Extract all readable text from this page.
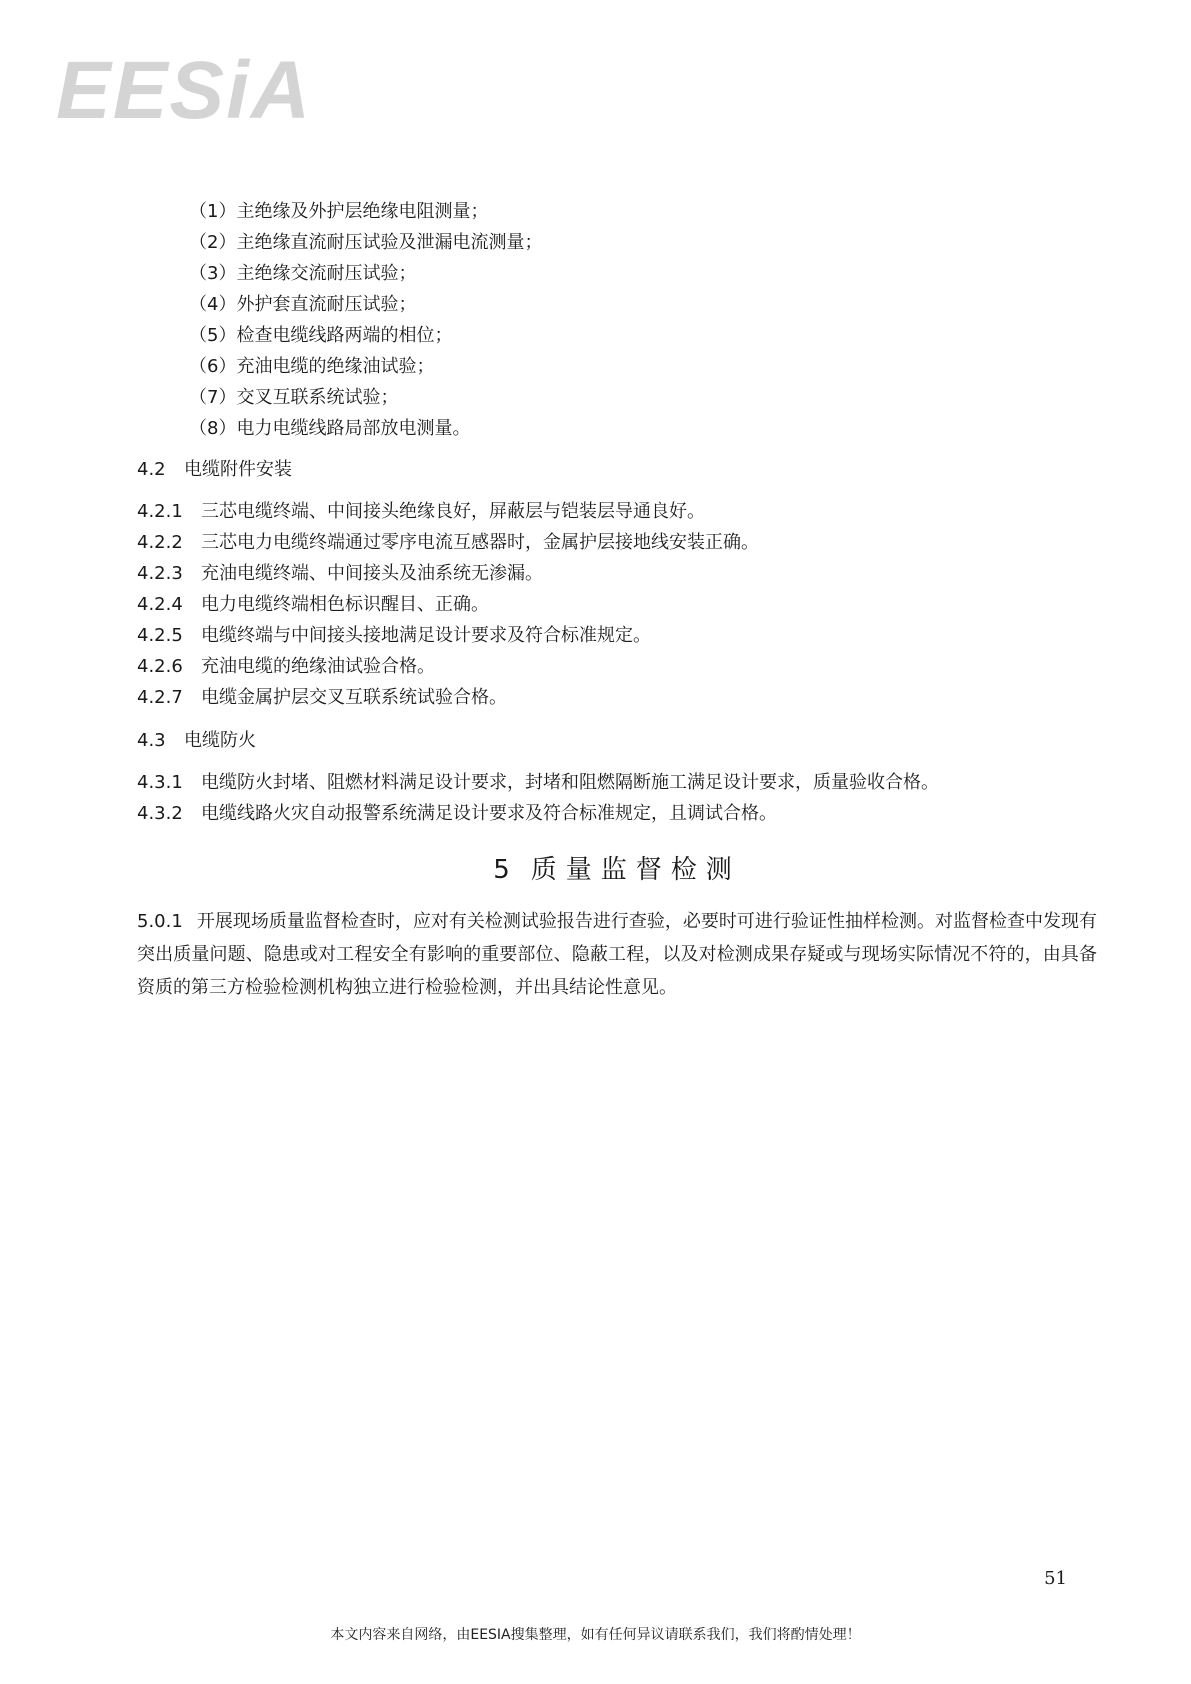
EESiA
（1）主绝缘及外护层绝缘电阻测量；
（2）主绝缘直流耐压试验及泄漏电流测量；
（3）主绝缘交流耐压试验；
（4）外护套直流耐压试验；
（5）检查电缆线路两端的相位；
（6）充油电缆的绝缘油试验；
（7）交叉互联系统试验；
（8）电力电缆线路局部放电测量。
4.2 电缆附件安装
4.2.1 三芯电缆终端、中间接头绝缘良好，屏蔽层与铠装层导通良好。
4.2.2 三芯电力电缆终端通过零序电流互感器时，金属护层接地线安装正确。
4.2.3 充油电缆终端、中间接头及油系统无渗漏。
4.2.4 电力电缆终端相色标识醒目、正确。
4.2.5 电缆终端与中间接头接地满足设计要求及符合标准规定。
4.2.6 充油电缆的绝缘油试验合格。
4.2.7 电缆金属护层交叉互联系统试验合格。
4.3 电缆防火
4.3.1 电缆防火封堵、阻燃材料满足设计要求，封堵和阻燃隔断施工满足设计要求，质量验收合格。
4.3.2 电缆线路火灾自动报警系统满足设计要求及符合标准规定，且调试合格。
5 质量监督检测
5.0.1 开展现场质量监督检查时，应对有关检测试验报告进行查验，必要时可进行验证性抽样检测。对监督检查中发现有突出质量问题、隐患或对工程安全有影响的重要部位、隐蔽工程，以及对检测成果存疑或与现场实际情况不符的，由具备资质的第三方检验检测机构独立进行检验检测，并出具结论性意见。
51
本文内容来自网络，由EESIA搜集整理，如有任何异议请联系我们，我们将酌情处理！
